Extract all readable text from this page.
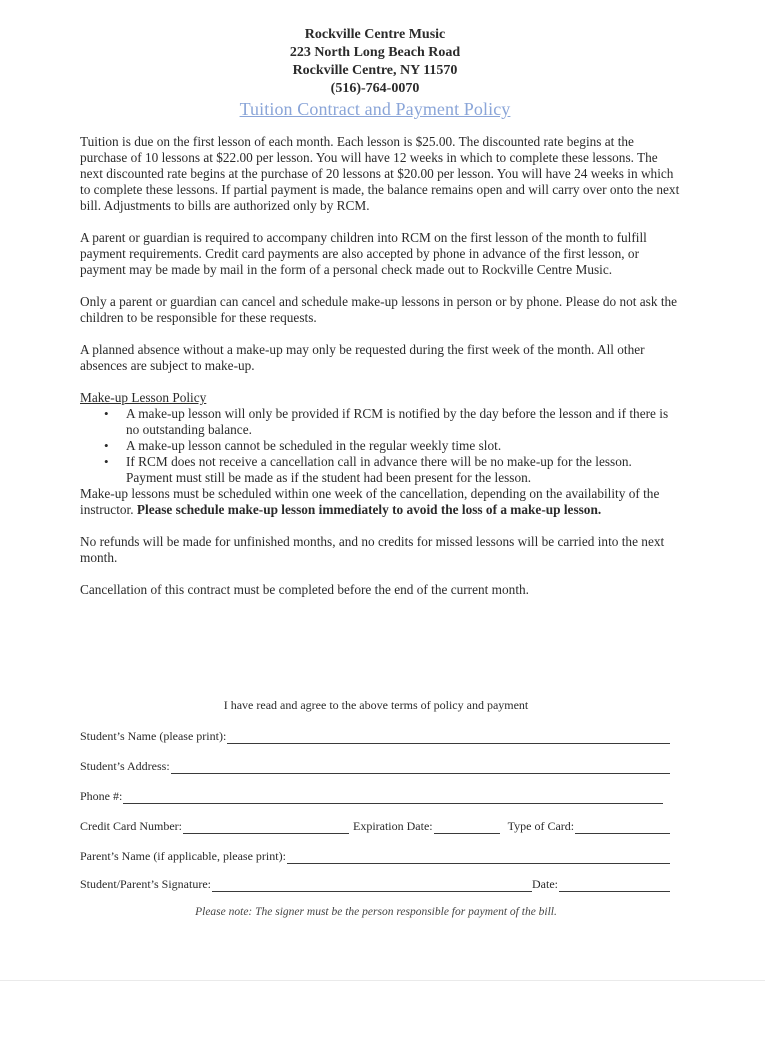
Rockville Centre Music
223 North Long Beach Road
Rockville Centre, NY 11570
(516)-764-0070
Tuition Contract and Payment Policy

Tuition is due on the first lesson of each month. Each lesson is $25.00. The discounted rate begins at the purchase of 10 lessons at $22.00 per lesson. You will have 12 weeks in which to complete these lessons. The next discounted rate begins at the purchase of 20 lessons at $20.00 per lesson. You will have 24 weeks in which to complete these lessons. If partial payment is made, the balance remains open and will carry over onto the next bill. Adjustments to bills are authorized only by RCM.

A parent or guardian is required to accompany children into RCM on the first lesson of the month to fulfill payment requirements. Credit card payments are also accepted by phone in advance of the first lesson, or payment may be made by mail in the form of a personal check made out to Rockville Centre Music.

Only a parent or guardian can cancel and schedule make-up lessons in person or by phone. Please do not ask the children to be responsible for these requests.

A planned absence without a make-up may only be requested during the first week of the month. All other absences are subject to make-up.

Make-up Lesson Policy

• A make-up lesson will only be provided if RCM is notified by the day before the lesson and if there is no outstanding balance.
• A make-up lesson cannot be scheduled in the regular weekly time slot.
• If RCM does not receive a cancellation call in advance there will be no make-up for the lesson. Payment must still be made as if the student had been present for the lesson.

Make-up lessons must be scheduled within one week of the cancellation, depending on the availability of the instructor. Please schedule make-up lesson immediately to avoid the loss of a make-up lesson.

No refunds will be made for unfinished months, and no credits for missed lessons will be carried into the next month.

Cancellation of this contract must be completed before the end of the current month.

I have read and agree to the above terms of policy and payment
Student’s Name (please print):
Student’s Address:
Phone #:
Credit Card Number:	Expiration Date:	Type of Card:
Parent’s Name (if applicable, please print):
Student/Parent’s Signature:	Date:
Please note: The signer must be the person responsible for payment of the bill.
